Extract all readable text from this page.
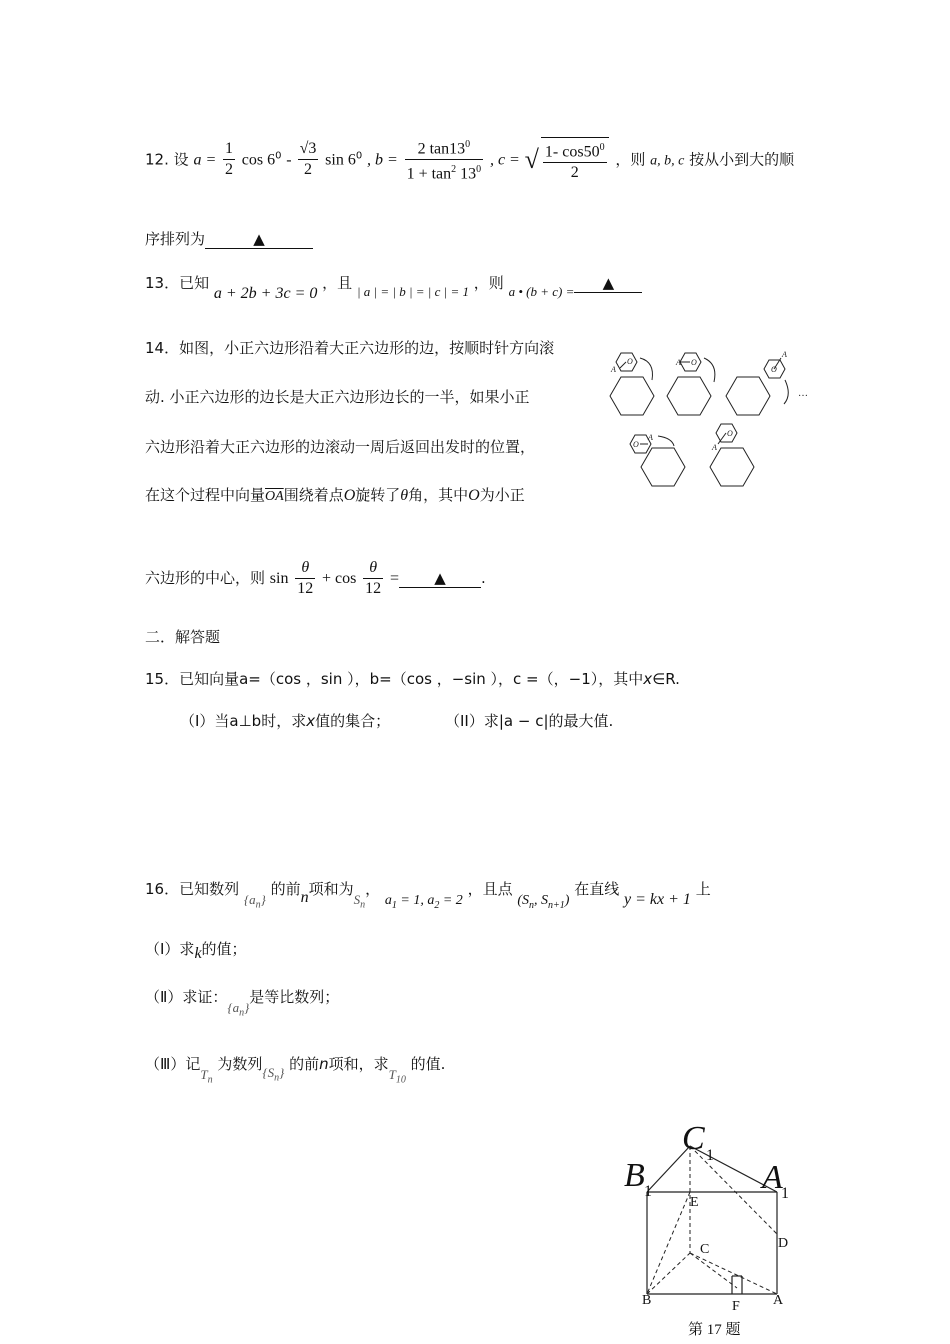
12. 设 $a = \frac{1}{2}$ $\cos 6^0 - \frac{√3}{2}$ $\sin 6^0$ , $b = \frac{2 \tan 13^0}{1 + \tan^2 13^0}$ , c = √ $\frac{1- \cos 50^0}{2}$ ，则 a, b, c 按从小到大的顺
序排列为	▲
13．已知 a + 2b + 3c = 0 ，且 | a | = | b | = | c | = 1 ，则 a • (b + c) = ▲
14．如图，小正六边形沿着大正六边形的边，按顺时针方向滚
动. 小正六边形的边长是大正六边形边长的一半，如果小正
六边形沿着大正六边形的边滚动一周后返回出发时的位置，
在这个过程中向量$\overline{OA}$围绕着点O旋转了θ角，其中O为小正
六边形的中心，则 $\sin \frac{\theta}{12} + \cos \frac{\theta}{12}$ = ▲ .
O
A
A O
A
O
O
A	O
A
…
二．解答题
15．已知向量a=（cos ，sin ），b=（cos ，−sin ），c =（，−1），其中x∈R.
（I）当a⊥b时，求x值的集合；	（II）求|a − c|的最大值.
16．已知数列 $\{a_n\}$ 的前n项和为$S_n$， $a_1 = 1$, $a_2 = 2$ ，且点 ($S_n$, $S_{n+1}$) 在直线 y = kx + 1 上
（Ⅰ）求k的值；
（Ⅱ）求证：$\{a_n\}$是等比数列；
（Ⅲ）记$T_n$ 为数列$\{S_n\}$ 的前n项和，求$T_{10}$ 的值.
C 1
B 1	A
1
E
C	D
B	A
F
第 17 题
